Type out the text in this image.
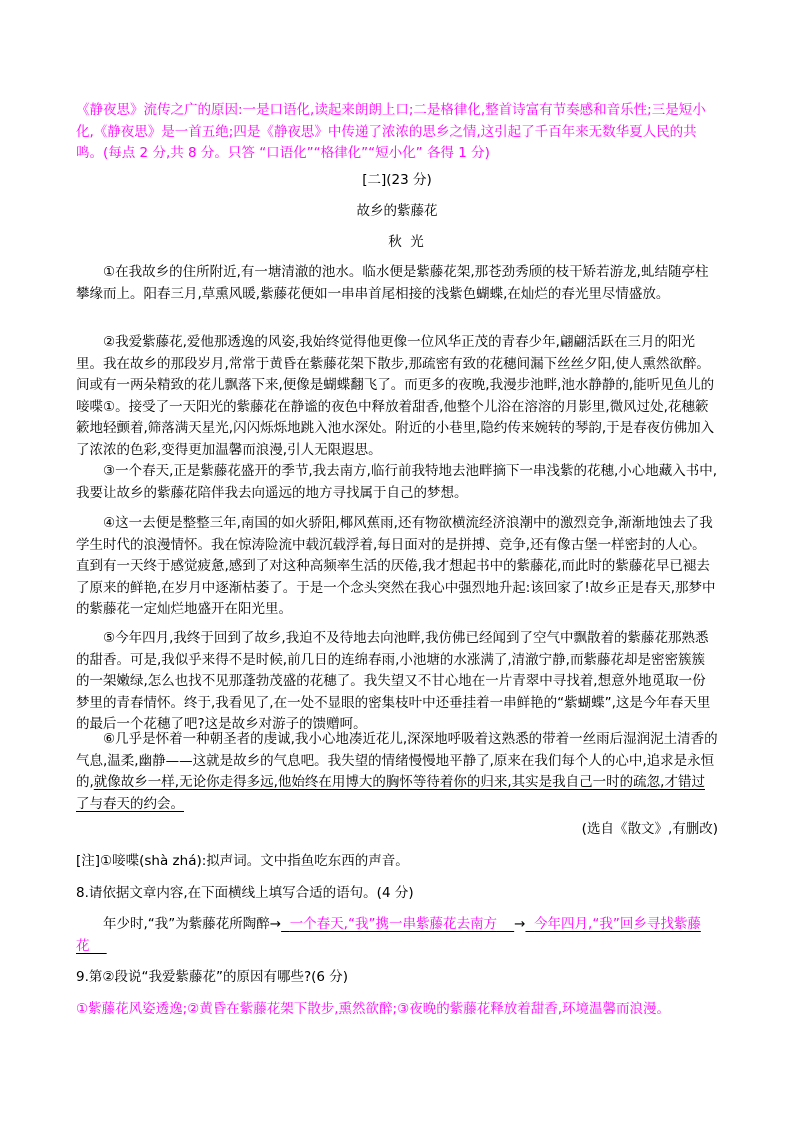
《静夜思》流传之广的原因:一是口语化,读起来朗朗上口;二是格律化,整首诗富有节奏感和音乐性;三是短小化,《静夜思》是一首五绝;四是《静夜思》中传递了浓浓的思乡之情,这引起了千百年来无数华夏人民的共鸣。(每点 2 分,共 8 分。只答 “口语化”“格律化”“短小化” 各得 1 分)
[二](23 分)
故乡的紫藤花
秋  光
①在我故乡的住所附近,有一塘清澈的池水。临水便是紫藤花架,那苍劲秀颀的枝干矫若游龙,虬结随亭柱攀缘而上。阳春三月,草熏风暖,紫藤花便如一串串首尾相接的浅紫色蝴蝶,在灿烂的春光里尽情盛放。
②我爱紫藤花,爱他那透逸的风姿,我始终觉得他更像一位风华正茂的青春少年,翩翩活跃在三月的阳光里。我在故乡的那段岁月,常常于黄昏在紫藤花架下散步,那疏密有致的花穗间漏下丝丝夕阳,使人熏然欲醉。间或有一两朵精致的花儿飘落下来,便像是蝴蝶翻飞了。而更多的夜晚,我漫步池畔,池水静静的,能听见鱼儿的唼喋①。接受了一天阳光的紫藤花在静谧的夜色中释放着甜香,他整个儿浴在溶溶的月影里,微风过处,花穗簌簌地轻颤着,筛落满天星光,闪闪烁烁地跳入池水深处。附近的小巷里,隐约传来婉转的琴韵,于是春夜仿佛加入了浓浓的色彩,变得更加温馨而浪漫,引人无限遐思。
③一个春天,正是紫藤花盛开的季节,我去南方,临行前我特地去池畔摘下一串浅紫的花穗,小心地藏入书中,我要让故乡的紫藤花陪伴我去向遥远的地方寻找属于自己的梦想。
④这一去便是整整三年,南国的如火骄阳,椰风蕉雨,还有物欲横流经济浪潮中的激烈竞争,渐渐地蚀去了我学生时代的浪漫情怀。我在惊涛险流中载沉载浮着,每日面对的是拼搏、竞争,还有像古堡一样密封的人心。直到有一天终于感觉疲惫,感到了对这种高频率生活的厌倦,我才想起书中的紫藤花,而此时的紫藤花早已褪去了原来的鲜艳,在岁月中逐渐枯萎了。于是一个念头突然在我心中强烈地升起:该回家了!故乡正是春天,那梦中的紫藤花一定灿烂地盛开在阳光里。
⑤今年四月,我终于回到了故乡,我迫不及待地去向池畔,我仿佛已经闻到了空气中飘散着的紫藤花那熟悉的甜香。可是,我似乎来得不是时候,前几日的连绵春雨,小池塘的水涨满了,清澈宁静,而紫藤花却是密密簇簇的一架嫩绿,怎么也找不见那蓬勃茂盛的花穗了。我失望又不甘心地在一片青翠中寻找着,想意外地觅取一份梦里的青春情怀。终于,我看见了,在一处不显眼的密集枝叶中还垂挂着一串鲜艳的“紫蝴蝶”,这是今年春天里的最后一个花穗了吧?这是故乡对游子的馈赠呵。
⑥几乎是怀着一种朝圣者的虔诚,我小心地凑近花儿,深深地呼吸着这熟悉的带着一丝雨后湿润泥土清香的气息,温柔,幽静——这就是故乡的气息吧。我失望的情绪慢慢地平静了,原来在我们每个人的心中,追求是永恒的,就像故乡一样,无论你走得多远,他始终在用博大的胸怀等待着你的归来,其实是我自己一时的疏忽,才错过了与春天的约会。
(选自《散文》,有删改)
[注]①唼喋(shà zhá):拟声词。文中指鱼吃东西的声音。
8.请依据文章内容,在下面横线上填写合适的语句。(4 分)
年少时,“我”为紫藤花所陶醉→ 一个春天,“我”携一串紫藤花去南方 → 今年四月,“我”回乡寻找紫藤花
9.第②段说“我爱紫藤花”的原因有哪些?(6 分)
①紫藤花风姿透逸;②黄昏在紫藤花架下散步,熏然欲醉;③夜晚的紫藤花释放着甜香,环境温馨而浪漫。
